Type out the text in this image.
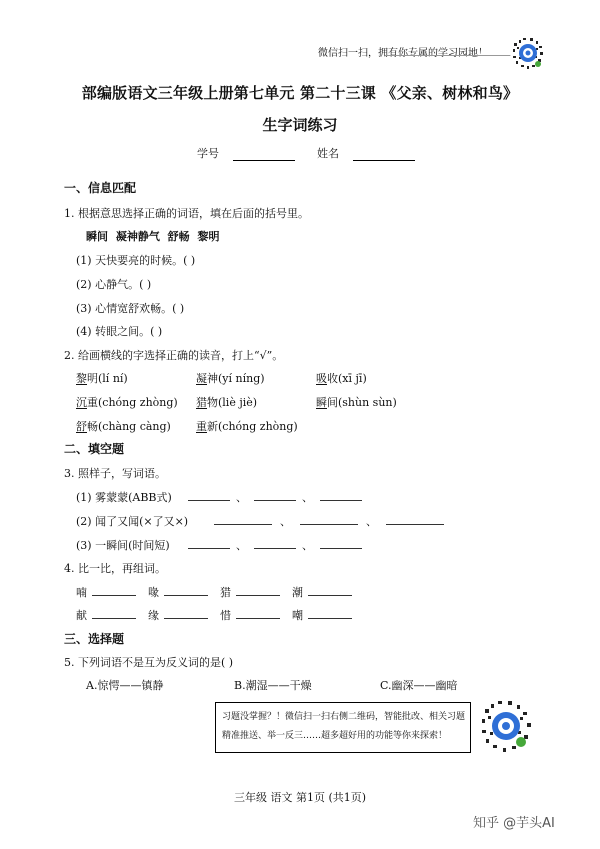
微信扫一扫，拥有你专属的学习园地！
部编版语文三年级上册第七单元 第二十三课 《父亲、树林和鸟》
生字词练习
学号	姓名
一、信息匹配
1. 根据意思选择正确的词语，填在后面的括号里。
瞬间 凝神静气 舒畅 黎明
(1) 天快要亮的时候。( )
(2) 心静气。( )
(3) 心情宽舒欢畅。( )
(4) 转眼之间。( )
2. 给画横线的字选择正确的读音，打上“√”。
黎明(lí ní)	凝神(yí níng)	吸收(xī jī)
沉重(chóng zhòng) 猎物(liè jiè)	瞬间(shùn sùn)
舒畅(chàng càng) 重新(chóng zhòng)
二、填空题
3. 照样子，写词语。
(1) 雾蒙蒙(ABB式)	、	、
(2) 闻了又闻(×了又×)	、	、
(3) 一瞬间(时间短)	、	、
4. 比一比，再组词。
喃	喙	猎	潮
献	缘	惜	嘲
三、选择题
5. 下列词语不是互为反义词的是( )
A.惊愕——镇静	B.潮湿——干燥	C.幽深——幽暗
习题没掌握？！微信扫一扫右侧二维码，智能批改、相关习题精准推送、举一反三……超多超好用的功能等你来探索！
三年级 语文 第1页 (共1页)
知乎 @芋头AI
